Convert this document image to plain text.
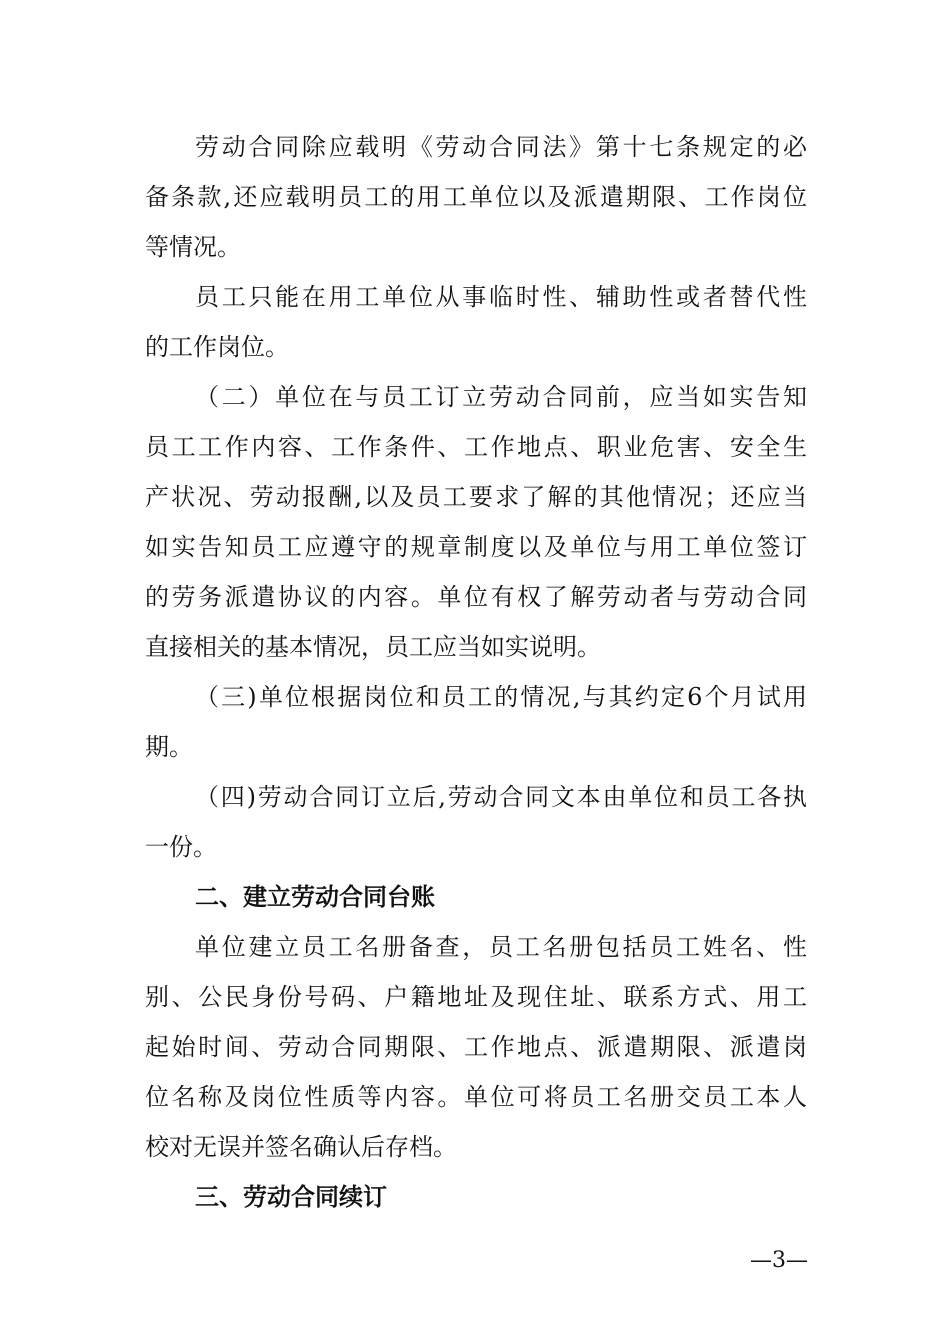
劳动合同除应载明《劳动合同法》第十七条规定的必
备条款,还应载明员工的用工单位以及派遣期限、工作岗位
等情况。
员工只能在用工单位从事临时性、辅助性或者替代性
的工作岗位。
（二）单位在与员工订立劳动合同前，应当如实告知
员工工作内容、工作条件、工作地点、职业危害、安全生
产状况、劳动报酬,以及员工要求了解的其他情况；还应当
如实告知员工应遵守的规章制度以及单位与用工单位签订
的劳务派遣协议的内容。单位有权了解劳动者与劳动合同
直接相关的基本情况，员工应当如实说明。
（三)单位根据岗位和员工的情况,与其约定6个月试用
期。
（四)劳动合同订立后,劳动合同文本由单位和员工各执
一份。
二、建立劳动合同台账
单位建立员工名册备查，员工名册包括员工姓名、性
别、公民身份号码、户籍地址及现住址、联系方式、用工
起始时间、劳动合同期限、工作地点、派遣期限、派遣岗
位名称及岗位性质等内容。单位可将员工名册交员工本人
校对无误并签名确认后存档。
三、劳动合同续订
—3—
